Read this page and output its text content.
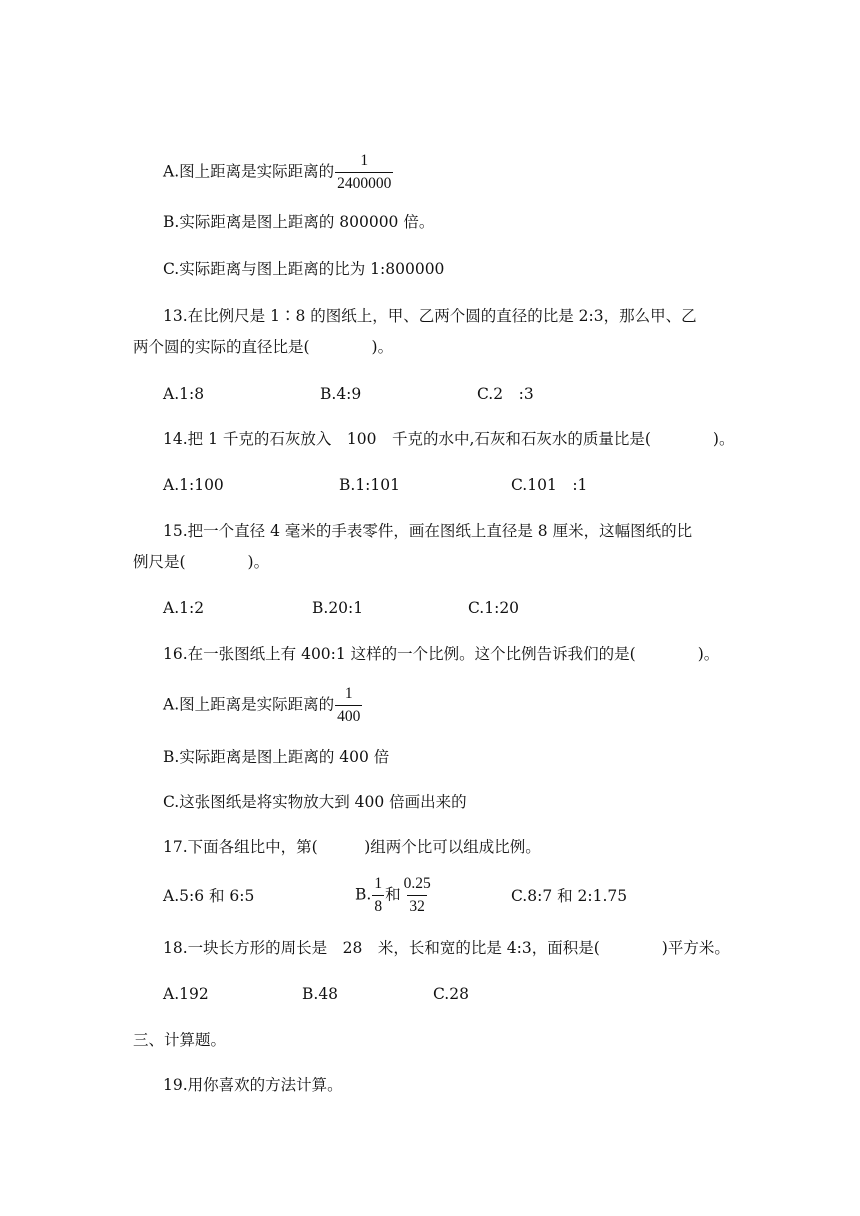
A.图上距离是实际距离的 $\frac{1}{2400000}$
B.实际距离是图上距离的 800000 倍。
C.实际距离与图上距离的比为 1:800000
13.在比例尺是 1∶8 的图纸上，甲、乙两个圆的直径的比是 2:3，那么甲、乙
两个圆的实际的直径比是(　　　　)。
A.1:8	B.4:9	C.2　:3
14.把 1 千克的石灰放入　100　千克的水中,石灰和石灰水的质量比是(　　　　)。
A.1:100	B.1:101	C.101　:1
15.把一个直径 4 毫米的手表零件，画在图纸上直径是 8 厘米，这幅图纸的比
例尺是(　　　　)。
A.1:2	B.20:1	C.1:20
16.在一张图纸上有 400:1 这样的一个比例。这个比例告诉我们的是(　　　　)。
A.图上距离是实际距离的 $\frac{1}{400}$
B.实际距离是图上距离的 400 倍
C.这张图纸是将实物放大到 400 倍画出来的
17.下面各组比中，第(　　　)组两个比可以组成比例。
A.5:6 和 6:5	B. $\frac{1}{8}$ 和 $\frac{0.25}{32}$	C.8:7 和 2:1.75
18.一块长方形的周长是　28　米，长和宽的比是 4:3，面积是(　　　　)平方米。
A.192	B.48	C.28
三、计算题。
19.用你喜欢的方法计算。
